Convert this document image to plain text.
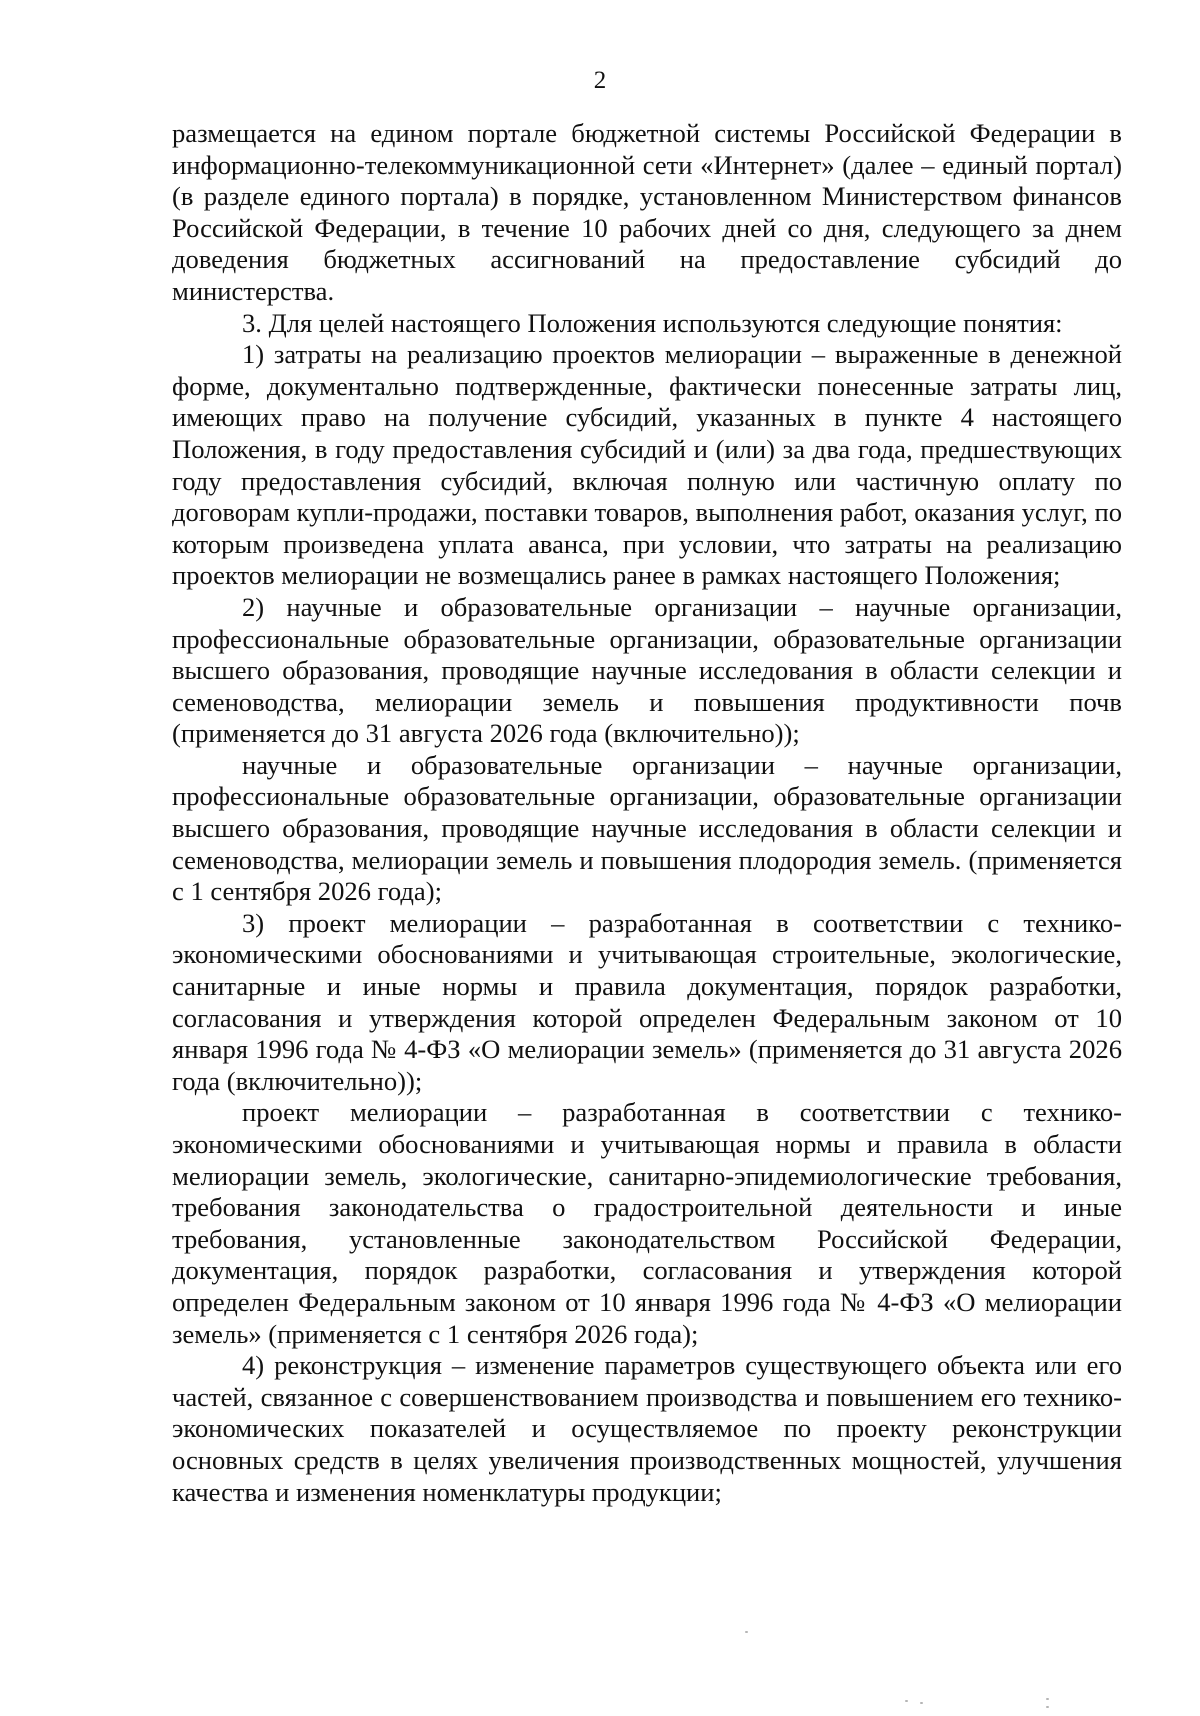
2

размещается на едином портале бюджетной системы Российской Федерации в информационно-телекоммуникационной сети «Интернет» (далее – единый портал) (в разделе единого портала) в порядке, установленном Министерством финансов Российской Федерации, в течение 10 рабочих дней со дня, следующего за днем доведения бюджетных ассигнований на предоставление субсидий до министерства.

3. Для целей настоящего Положения используются следующие понятия:

1) затраты на реализацию проектов мелиорации – выраженные в денежной форме, документально подтвержденные, фактически понесенные затраты лиц, имеющих право на получение субсидий, указанных в пункте 4 настоящего Положения, в году предоставления субсидий и (или) за два года, предшествующих году предоставления субсидий, включая полную или частичную оплату по договорам купли-продажи, поставки товаров, выполнения работ, оказания услуг, по которым произведена уплата аванса, при условии, что затраты на реализацию проектов мелиорации не возмещались ранее в рамках настоящего Положения;

2) научные и образовательные организации – научные организации, профессиональные образовательные организации, образовательные организации высшего образования, проводящие научные исследования в области селекции и семеноводства, мелиорации земель и повышения продуктивности почв (применяется до 31 августа 2026 года (включительно));

научные и образовательные организации – научные организации, профессиональные образовательные организации, образовательные организации высшего образования, проводящие научные исследования в области селекции и семеноводства, мелиорации земель и повышения плодородия земель. (применяется с 1 сентября 2026 года);

3) проект мелиорации – разработанная в соответствии с технико-экономическими обоснованиями и учитывающая строительные, экологические, санитарные и иные нормы и правила документация, порядок разработки, согласования и утверждения которой определен Федеральным законом от 10 января 1996 года № 4-ФЗ «О мелиорации земель» (применяется до 31 августа 2026 года (включительно));

проект мелиорации – разработанная в соответствии с технико-экономическими обоснованиями и учитывающая нормы и правила в области мелиорации земель, экологические, санитарно-эпидемиологические требования, требования законодательства о градостроительной деятельности и иные требования, установленные законодательством Российской Федерации, документация, порядок разработки, согласования и утверждения которой определен Федеральным законом от 10 января 1996 года № 4-ФЗ «О мелиорации земель» (применяется с 1 сентября 2026 года);

4) реконструкция – изменение параметров существующего объекта или его частей, связанное с совершенствованием производства и повышением его технико-экономических показателей и осуществляемое по проекту реконструкции основных средств в целях увеличения производственных мощностей, улучшения качества и изменения номенклатуры продукции;
